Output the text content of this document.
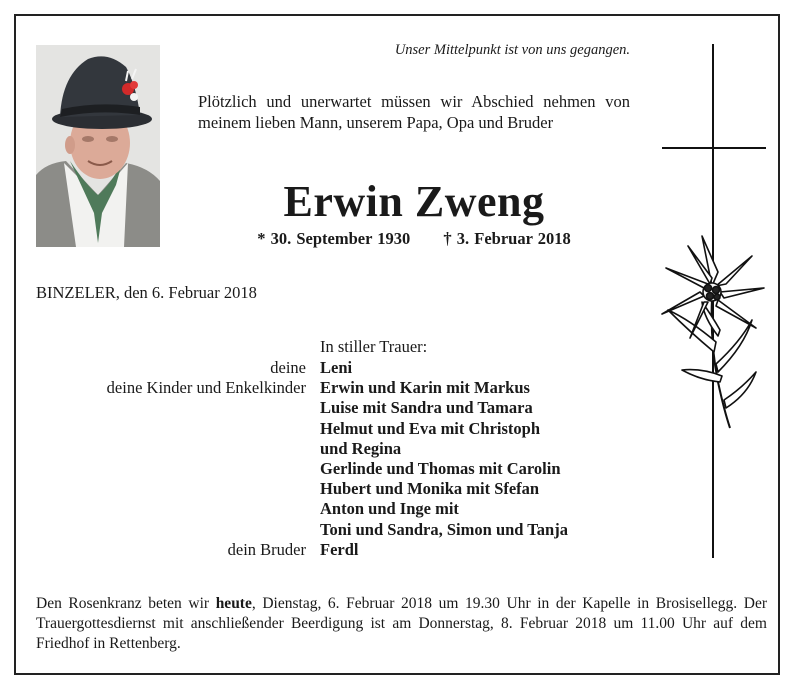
Unser Mittelpunkt ist von uns gegangen.
Plötzlich und unerwartet müssen wir Abschied nehmen von meinem lieben Mann, unserem Papa, Opa und Bruder
Erwin Zweng
* 30. September 1930 † 3. Februar 2018
BINZELER, den 6. Februar 2018
In stiller Trauer:
deine
deine Kinder und Enkelkinder
dein Bruder
Leni
Erwin und Karin mit Markus
Luise mit Sandra und Tamara
Helmut und Eva mit Christoph
und Regina
Gerlinde und Thomas mit Carolin
Hubert und Monika mit Sfefan
Anton und Inge mit
Toni und Sandra, Simon und Tanja
Ferdl
Den Rosenkranz beten wir heute, Dienstag, 6. Februar 2018 um 19.30 Uhr in der Kapelle in Brosisellegg. Der Trauergottesdiernst mit anschließender Beerdigung ist am Donnerstag, 8. Februar 2018 um 11.00 Uhr auf dem Friedhof in Rettenberg.
